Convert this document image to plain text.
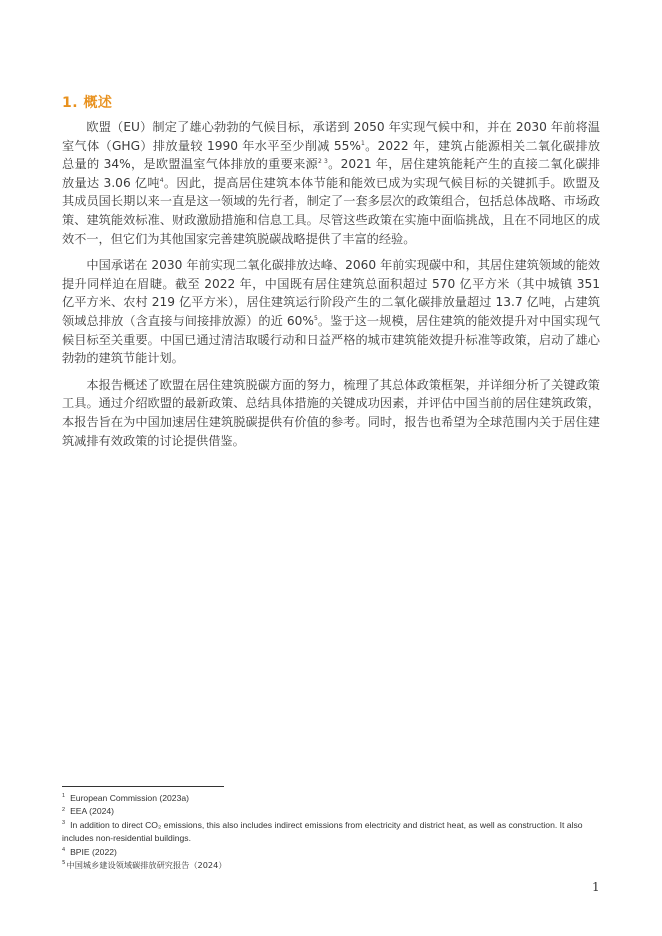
1. 概述

欧盟（EU）制定了雄心勃勃的气候目标，承诺到 2050 年实现气候中和，并在 2030 年前将温室气体（GHG）排放量较 1990 年水平至少削减 55%$^1$。2022 年，建筑占能源相关二氧化碳排放总量的 34%，是欧盟温室气体排放的重要来源$^{2 3}$。2021 年，居住建筑能耗产生的直接二氧化碳排放量达 3.06 亿吨$^4$。因此，提高居住建筑本体节能和能效已成为实现气候目标的关键抓手。欧盟及其成员国长期以来一直是这一领域的先行者，制定了一套多层次的政策组合，包括总体战略、市场政策、建筑能效标准、财政激励措施和信息工具。尽管这些政策在实施中面临挑战，且在不同地区的成效不一，但它们为其他国家完善建筑脱碳战略提供了丰富的经验。

中国承诺在 2030 年前实现二氧化碳排放达峰、2060 年前实现碳中和，其居住建筑领域的能效提升同样迫在眉睫。截至 2022 年，中国既有居住建筑总面积超过 570 亿平方米（其中城镇 351 亿平方米、农村 219 亿平方米），居住建筑运行阶段产生的二氧化碳排放量超过 13.7 亿吨，占建筑领域总排放（含直接与间接排放源）的近 60%$^5$。鉴于这一规模，居住建筑的能效提升对中国实现气候目标至关重要。中国已通过清洁取暖行动和日益严格的城市建筑能效提升标准等政策，启动了雄心勃勃的建筑节能计划。

本报告概述了欧盟在居住建筑脱碳方面的努力，梳理了其总体政策框架，并详细分析了关键政策工具。通过介绍欧盟的最新政策、总结具体措施的关键成功因素，并评估中国当前的居住建筑政策，本报告旨在为中国加速居住建筑脱碳提供有价值的参考。同时，报告也希望为全球范围内关于居住建筑减排有效政策的讨论提供借鉴。

$^1$ European Commission (2023a)
$^2$ EEA (2024)
$^3$ In addition to direct CO₂ emissions, this also includes indirect emissions from electricity and district heat, as well as construction. It also includes non-residential buildings.
$^4$ BPIE (2022)
$^5$中国城乡建设领域碳排放研究报告（2024）
1
